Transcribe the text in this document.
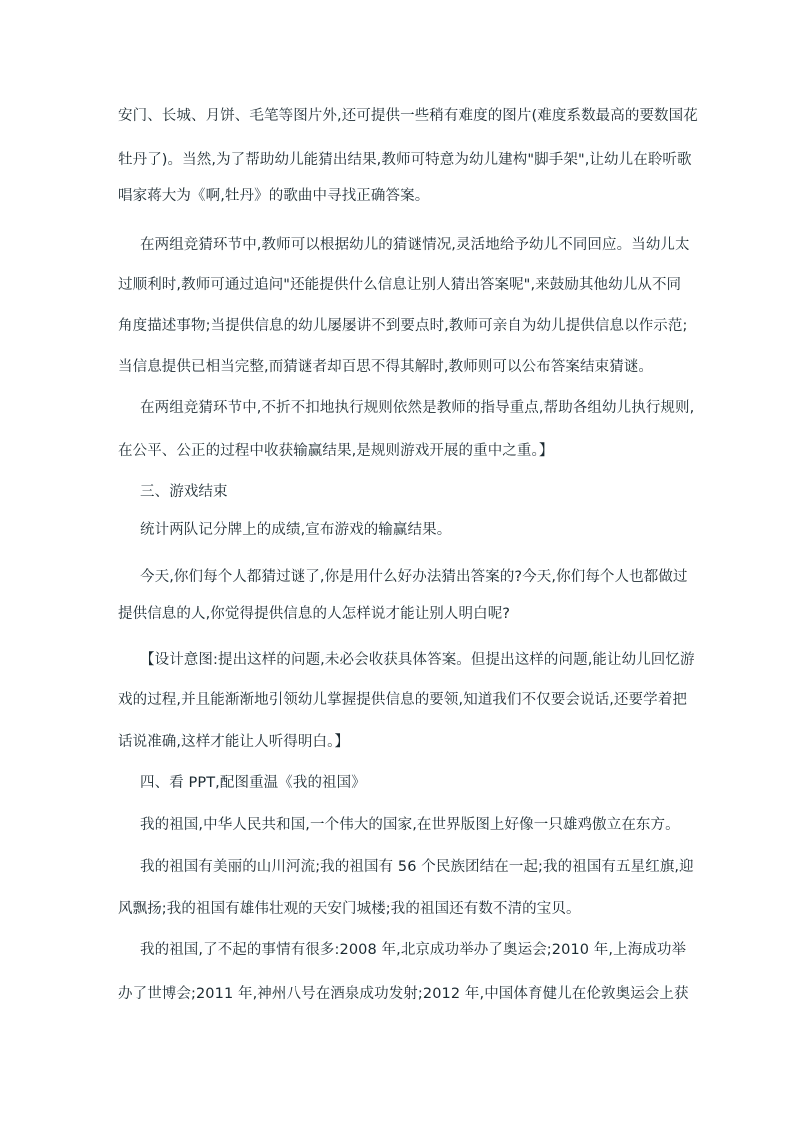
安门、长城、月饼、毛笔等图片外,还可提供一些稍有难度的图片(难度系数最高的要数国花
牡丹了)。当然,为了帮助幼儿能猜出结果,教师可特意为幼儿建构"脚手架",让幼儿在聆听歌
唱家蒋大为《啊,牡丹》的歌曲中寻找正确答案。
在两组竞猜环节中,教师可以根据幼儿的猜谜情况,灵活地给予幼儿不同回应。当幼儿太
过顺利时,教师可通过追问"还能提供什么信息让别人猜出答案呢",来鼓励其他幼儿从不同
角度描述事物;当提供信息的幼儿屡屡讲不到要点时,教师可亲自为幼儿提供信息以作示范;
当信息提供已相当完整,而猜谜者却百思不得其解时,教师则可以公布答案结束猜谜。
在两组竞猜环节中,不折不扣地执行规则依然是教师的指导重点,帮助各组幼儿执行规则,
在公平、公正的过程中收获输赢结果,是规则游戏开展的重中之重。】
三、游戏结束
统计两队记分牌上的成绩,宣布游戏的输赢结果。
今天,你们每个人都猜过谜了,你是用什么好办法猜出答案的?今天,你们每个人也都做过
提供信息的人,你觉得提供信息的人怎样说才能让别人明白呢?
【设计意图:提出这样的问题,未必会收获具体答案。但提出这样的问题,能让幼儿回忆游
戏的过程,并且能渐渐地引领幼儿掌握提供信息的要领,知道我们不仅要会说话,还要学着把
话说准确,这样才能让人听得明白。】
四、看 PPT,配图重温《我的祖国》
我的祖国,中华人民共和国,一个伟大的国家,在世界版图上好像一只雄鸡傲立在东方。
我的祖国有美丽的山川河流;我的祖国有 56 个民族团结在一起;我的祖国有五星红旗,迎
风飘扬;我的祖国有雄伟壮观的天安门城楼;我的祖国还有数不清的宝贝。
我的祖国,了不起的事情有很多:2008 年,北京成功举办了奥运会;2010 年,上海成功举
办了世博会;2011 年,神州八号在酒泉成功发射;2012 年,中国体育健儿在伦敦奥运会上获
